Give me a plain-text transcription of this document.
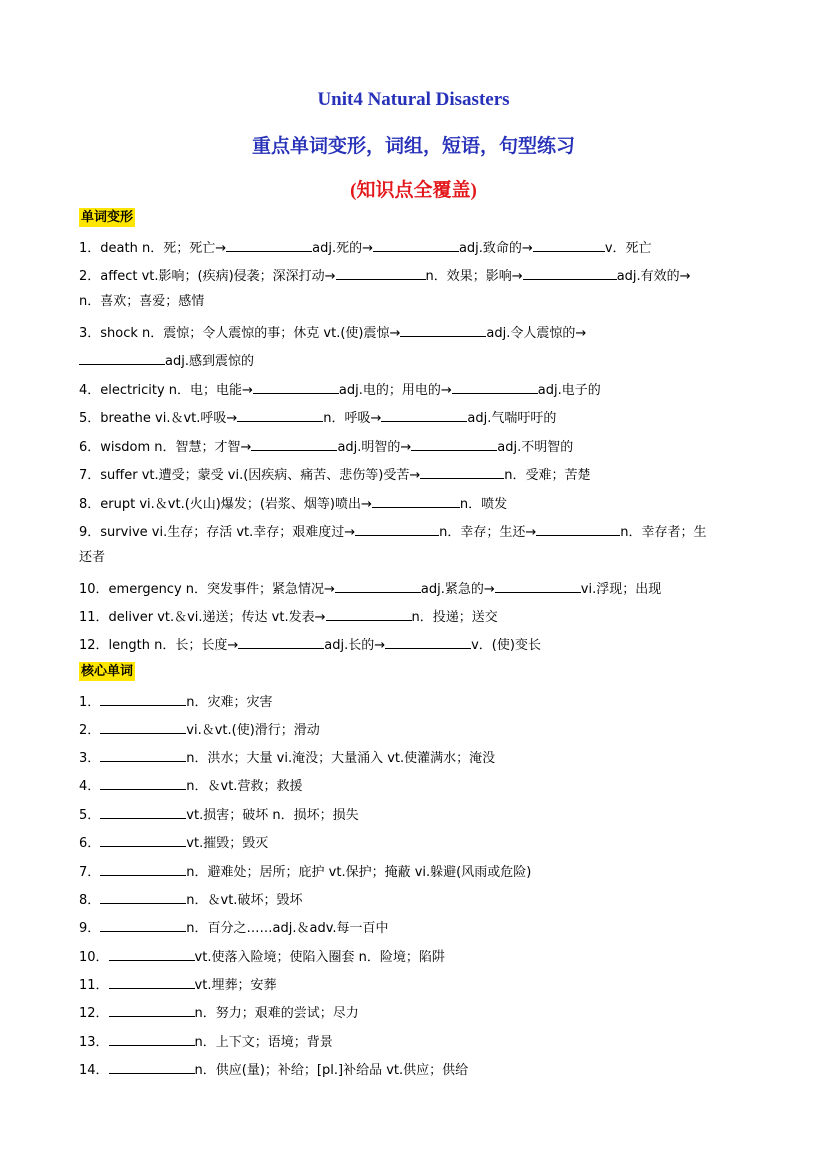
Unit4 Natural Disasters
重点单词变形，词组，短语，句型练习
(知识点全覆盖)
单词变形
1．death n．死；死亡→	adj.死的→	adj.致命的→	v．死亡
2．affect vt.影响；(疾病)侵袭；深深打动→	n．效果；影响→	adj.有效的→
n．喜欢；喜爱；感情
3．shock n．震惊；令人震惊的事；休克 vt.(使)震惊→	adj.令人震惊的→
adj.感到震惊的
4．electricity n．电；电能→	adj.电的；用电的→	adj.电子的
5．breathe vi.＆vt.呼吸→	n．呼吸→	adj.气喘吁吁的
6．wisdom n．智慧；才智→	adj.明智的→	adj.不明智的
7．suffer vt.遭受；蒙受 vi.(因疾病、痛苦、悲伤等)受苦→	n．受难；苦楚
8．erupt vi.＆vt.(火山)爆发；(岩浆、烟等)喷出→	n．喷发
9．survive vi.生存；存活 vt.幸存；艰难度过→	n．幸存；生还→	n．幸存者；生
还者
10．emergency n．突发事件；紧急情况→	adj.紧急的→	vi.浮现；出现
11．deliver vt.＆vi.递送；传达 vt.发表→	n．投递；送交
12．length n．长；长度→	adj.长的→	v．(使)变长
核心单词
1．	n．灾难；灾害
2．	vi.＆vt.(使)滑行；滑动
3．	n．洪水；大量 vi.淹没；大量涌入 vt.使灌满水；淹没
4．	n．＆vt.营救；救援
5．	vt.损害；破坏 n．损坏；损失
6．	vt.摧毁；毁灭
7．	n．避难处；居所；庇护 vt.保护；掩蔽 vi.躲避(风雨或危险)
8．	n．＆vt.破坏；毁坏
9．	n．百分之……adj.＆adv.每一百中
10．	vt.使落入险境；使陷入圈套 n．险境；陷阱
11．	vt.埋葬；安葬
12．	n．努力；艰难的尝试；尽力
13．	n．上下文；语境；背景
14．	n．供应(量)；补给；[pl.]补给品 vt.供应；供给
